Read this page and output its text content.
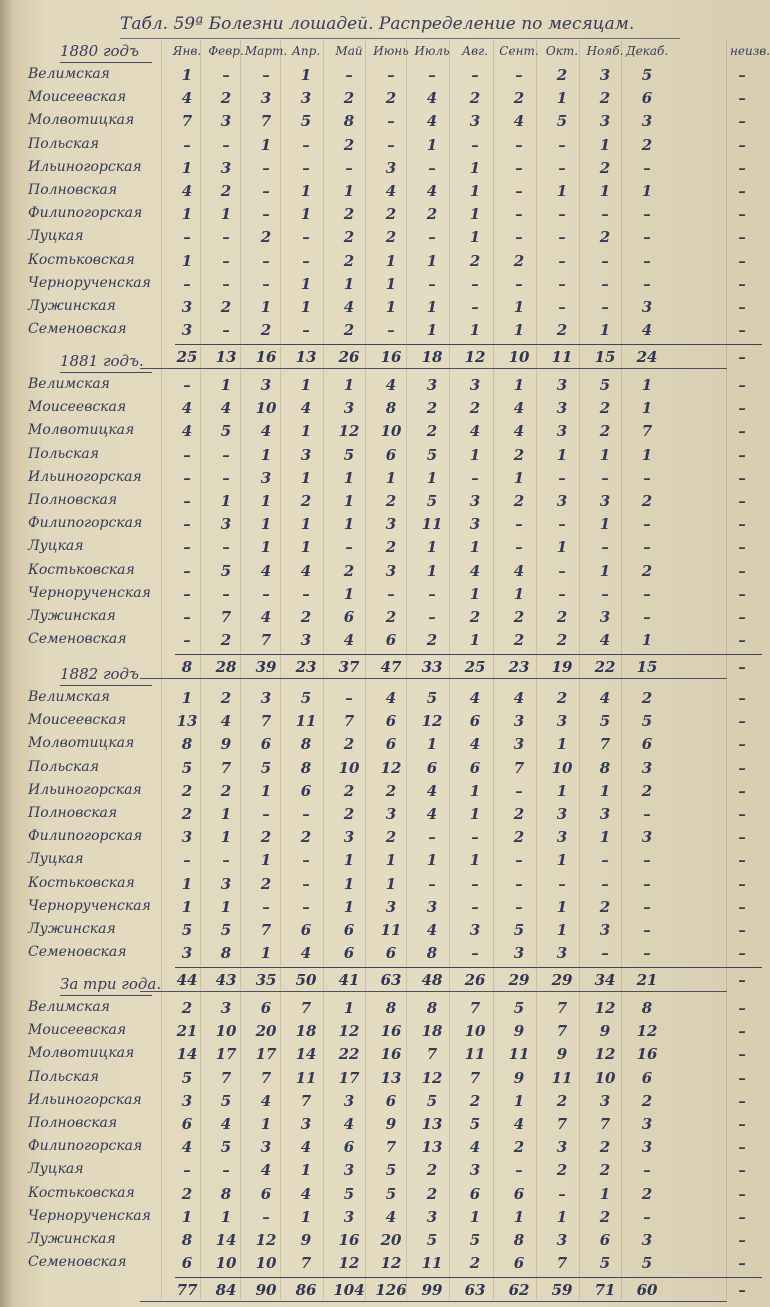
Табл. 59ª Болезни лошадей. Распределение по месяцам.
Янв. Февр. Март. Апр.	Май Июнь Июль	Авг. Сент. Окт. Нояб. Декаб.	неизв.
1880 годъ
Велимская	1	–	–	1	–	–	–	–	–	2	3	5	–
Моисеевская	4	2	3	3	2	2	4	2	2	1	2	6	–
Молвотицкая	7	3	7	5	8	–	4	3	4	5	3	3	–
Польская	–	–	1	–	2	–	1	–	–	–	1	2	–
Ильиногорская	1	3	–	–	–	3	–	1	–	–	2	–	–
Полновская	4	2	–	1	1	4	4	1	–	1	1	1	–
Филипогорская	1	1	–	1	2	2	2	1	–	–	–	–	–
Луцкая	–	–	2	–	2	2	–	1	–	–	2	–	–
Костьковская	1	–	–	–	2	1	1	2	2	–	–	–	–
Чернорученская	–	–	–	1	1	1	–	–	–	–	–	–	–
Лужинская	3	2	1	1	4	1	1	–	1	–	–	3	–
Семеновская	3	–	2	–	2	–	1	1	1	2	1	4	–
25	13	16	13	26	16	18	12	10	11	15	24	–
1881 годъ.
Велимская	–	1	3	1	1	4	3	3	1	3	5	1	–
Моисеевская	4	4	10	4	3	8	2	2	4	3	2	1	–
Молвотицкая	4	5	4	1	12	10	2	4	4	3	2	7	–
Польская	–	–	1	3	5	6	5	1	2	1	1	1	–
Ильиногорская	–	–	3	1	1	1	1	–	1	–	–	–	–
Полновская	–	1	1	2	1	2	5	3	2	3	3	2	–
Филипогорская	–	3	1	1	1	3	11	3	–	–	1	–	–
Луцкая	–	–	1	1	–	2	1	1	–	1	–	–	–
Костьковская	–	5	4	4	2	3	1	4	4	–	1	2	–
Чернорученская	–	–	–	–	1	–	–	1	1	–	–	–	–
Лужинская	–	7	4	2	6	2	–	2	2	2	3	–	–
Семеновская	–	2	7	3	4	6	2	1	2	2	4	1	–
8	28	39	23	37	47	33	25	23	19	22	15	–
1882 годъ
Велимская	1	2	3	5	–	4	5	4	4	2	4	2	–
Моисеевская	13	4	7	11	7	6	12	6	3	3	5	5	–
Молвотицкая	8	9	6	8	2	6	1	4	3	1	7	6	–
Польская	5	7	5	8	10	12	6	6	7	10	8	3	–
Ильиногорская	2	2	1	6	2	2	4	1	–	1	1	2	–
Полновская	2	1	–	–	2	3	4	1	2	3	3	–	–
Филипогорская	3	1	2	2	3	2	–	–	2	3	1	3	–
Луцкая	–	–	1	–	1	1	1	1	–	1	–	–	–
Костьковская	1	3	2	–	1	1	–	–	–	–	–	–	–
Чернорученская	1	1	–	–	1	3	3	–	–	1	2	–	–
Лужинская	5	5	7	6	6	11	4	3	5	1	3	–	–
Семеновская	3	8	1	4	6	6	8	–	3	3	–	–	–
44	43	35	50	41	63	48	26	29	29	34	21	–
За три года.
Велимская	2	3	6	7	1	8	8	7	5	7	12	8	–
Моисеевская	21	10	20	18	12	16	18	10	9	7	9	12	–
Молвотицкая	14	17	17	14	22	16	7	11	11	9	12	16	–
Польская	5	7	7	11	17	13	12	7	9	11	10	6	–
Ильиногорская	3	5	4	7	3	6	5	2	1	2	3	2	–
Полновская	6	4	1	3	4	9	13	5	4	7	7	3	–
Филипогорская	4	5	3	4	6	7	13	4	2	3	2	3	–
Луцкая	–	–	4	1	3	5	2	3	–	2	2	–	–
Костьковская	2	8	6	4	5	5	2	6	6	–	1	2	–
Чернорученская	1	1	–	1	3	4	3	1	1	1	2	–	–
Лужинская	8	14	12	9	16	20	5	5	8	3	6	3	–
Семеновская	6	10	10	7	12	12	11	2	6	7	5	5	–
77	84	90	86	104 126 99	63	62	59	71	60	–
